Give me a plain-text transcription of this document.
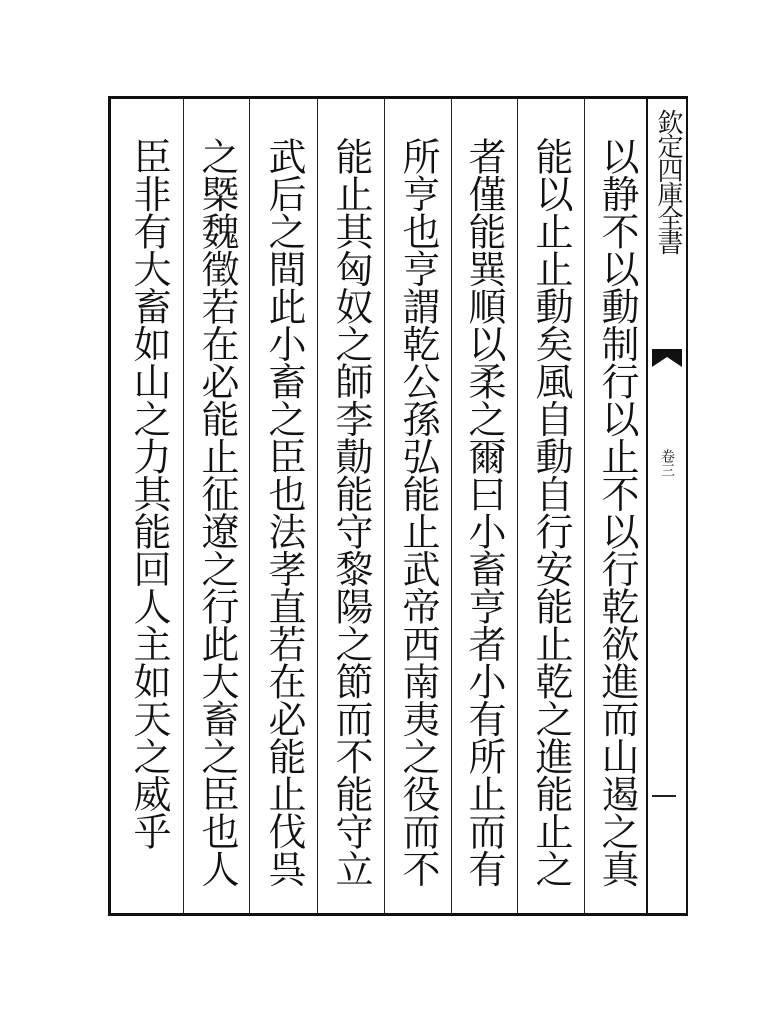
以静不以動制行以止不以行乾欲進而山遏之真
能以止止動矣風自動自行安能止乾之進能止之
者僅能巽順以柔之爾曰小畜亨者小有所止而有
所亨也亨謂乾公孫弘能止武帝西南夷之役而不
能止其匈奴之師李勣能守黎陽之節而不能守立
武后之間此小畜之臣也法孝直若在必能止伐呉
之槩魏徵若在必能止征遼之行此大畜之臣也人
臣非有大畜如山之力其能回人主如天之威乎	欽定四庫全書
卷三
